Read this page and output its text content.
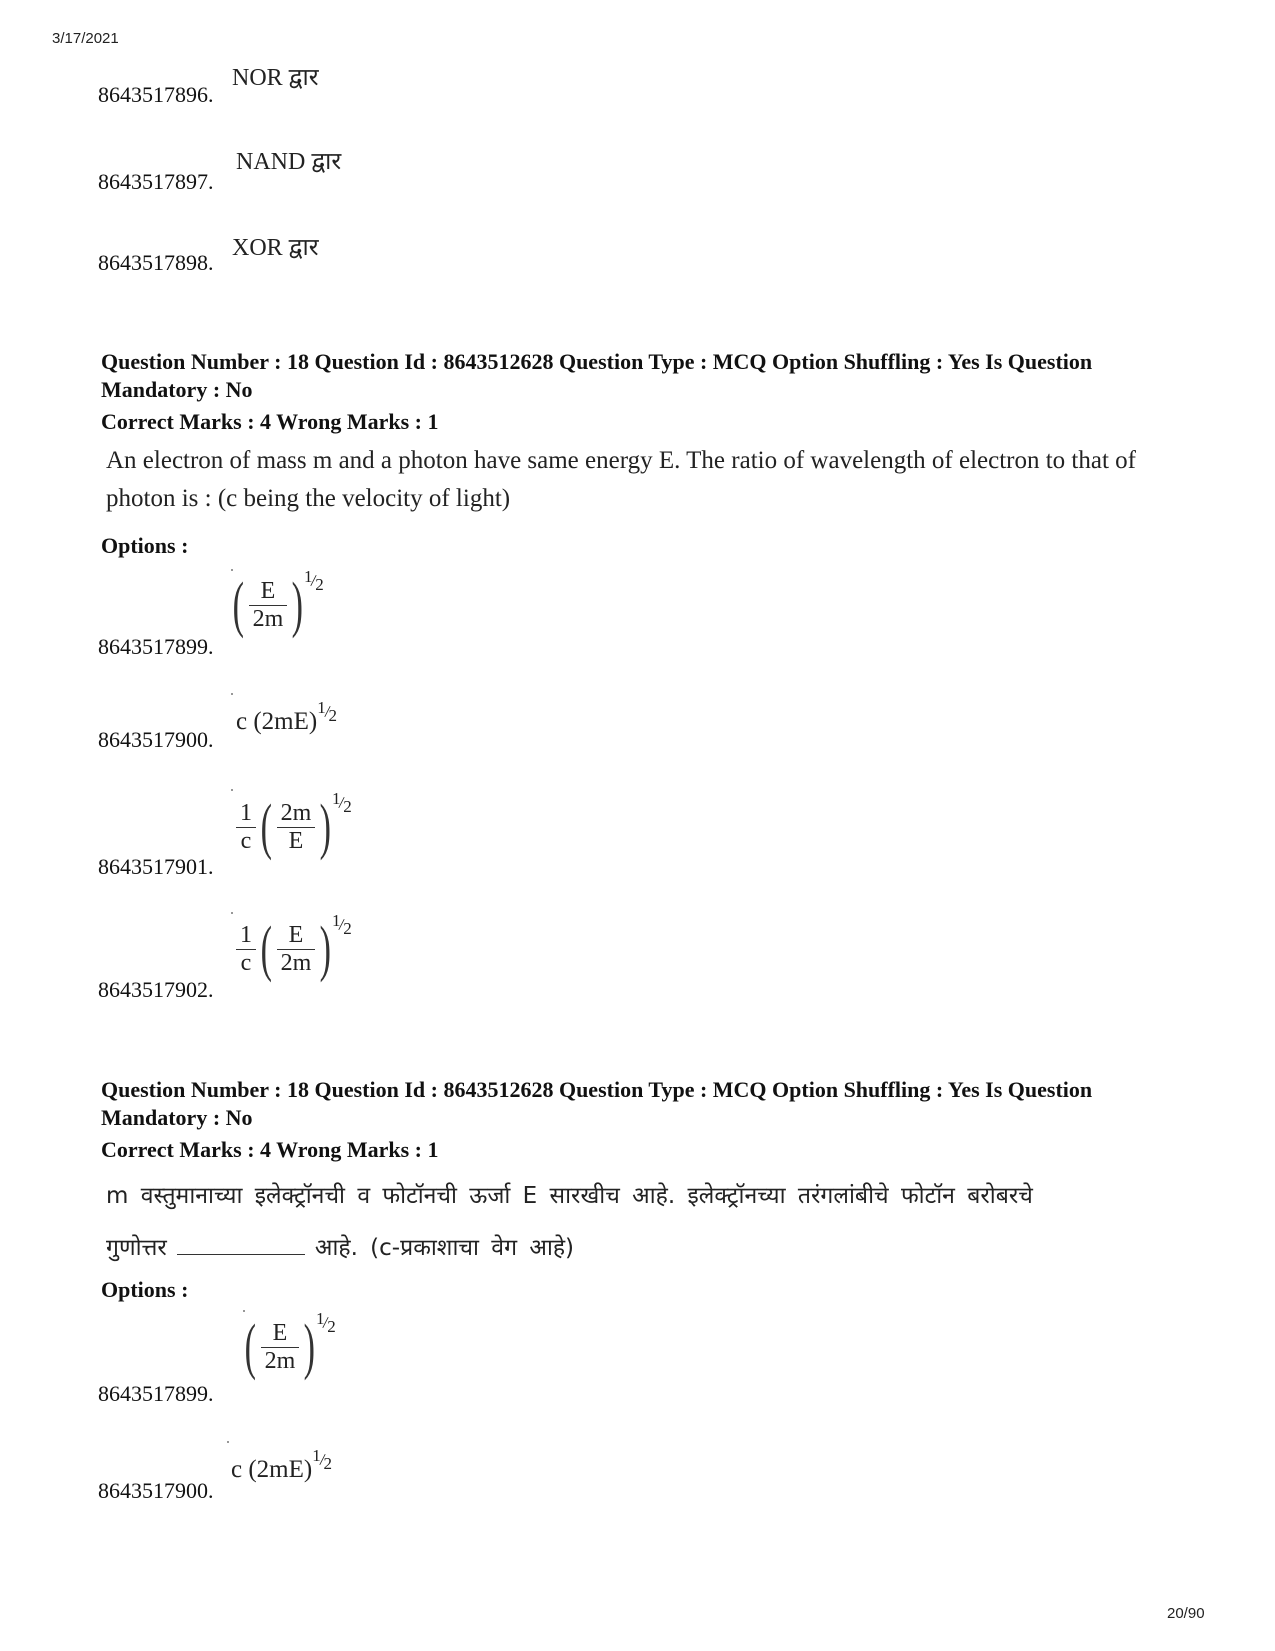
3/17/2021
20/90
8643517896.
NOR द्वार
8643517897.
NAND द्वार
8643517898.
XOR द्वार
Question Number : 18 Question Id : 8643512628 Question Type : MCQ Option Shuffling : Yes Is Question Mandatory : No
Correct Marks : 4 Wrong Marks : 1
An electron of mass m and a photon have same energy E. The ratio of wavelength of electron to that of photon is : (c being the velocity of light)
Options :
( $\frac{E}{2m}$ ) 1
/
2
8643517899.
c (2mE)
1
/
2
8643517900.
$\frac{1}{c}$ ( $\frac{2m}{E}$ ) 1
/
2
8643517901.
$\frac{1}{c}$ ( $\frac{E}{2m}$ ) 1
/
2
8643517902.
Question Number : 18 Question Id : 8643512628 Question Type : MCQ Option Shuffling : Yes Is Question Mandatory : No
Correct Marks : 4 Wrong Marks : 1
m वस्तुमानाच्या इलेक्ट्रॉनची व फोटॉनची ऊर्जा E सारखीच आहे. इलेक्ट्रॉनच्या तरंगलांबीचे फोटॉन बरोबरचे
गुणोत्तर	आहे. (c-प्रकाशाचा वेग आहे)
Options :
( $\frac{E}{2m}$ ) 1
/
2
8643517899.
c (2mE)
1
/
2
8643517900.
